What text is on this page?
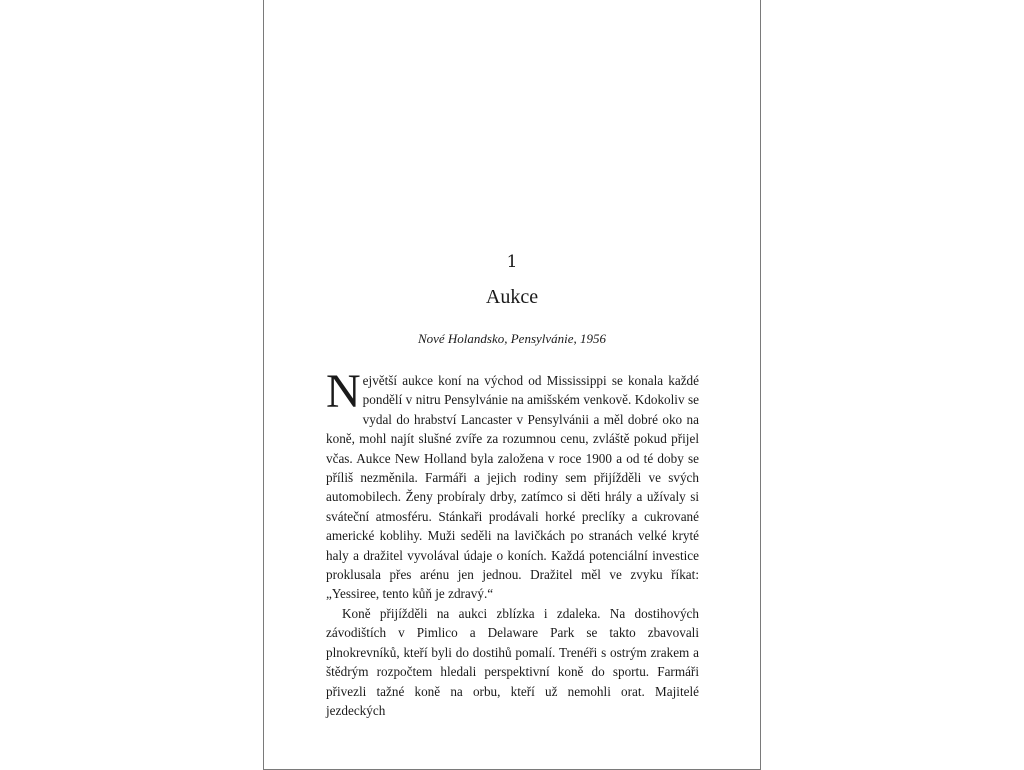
1
Aukce
Nové Holandsko, Pensylvánie, 1956

Největší aukce koní na východ od Mississippi se konala každé pondělí v nitru Pensylvánie na amišském venkově. Kdokoliv se vydal do hrabství Lancaster v Pensylvánii a měl dobré oko na koně, mohl najít slušné zvíře za rozumnou cenu, zvláště pokud přijel včas. Aukce New Holland byla založena v roce 1900 a od té doby se příliš nezměnila. Farmáři a jejich rodiny sem přijížděli ve svých automobilech. Ženy probíraly drby, zatímco si děti hrály a užívaly si sváteční atmosféru. Stánkaři prodávali horké preclíky a cukrované americké koblihy. Muži seděli na lavičkách po stranách velké kryté haly a dražitel vyvolával údaje o koních. Každá potenciální investice proklusala přes arénu jen jednou. Dražitel měl ve zvyku říkat: „Yessiree, tento kůň je zdravý.“

Koně přijížděli na aukci zblízka i zdaleka. Na dostihových závodištích v Pimlico a Delaware Park se takto zbavovali plnokrevníků, kteří byli do dostihů pomalí. Trenéři s ostrým zrakem a štědrým rozpočtem hledali perspektivní koně do sportu. Farmáři přivezli tažné koně na orbu, kteří už nemohli orat. Majitelé jezdeckých
